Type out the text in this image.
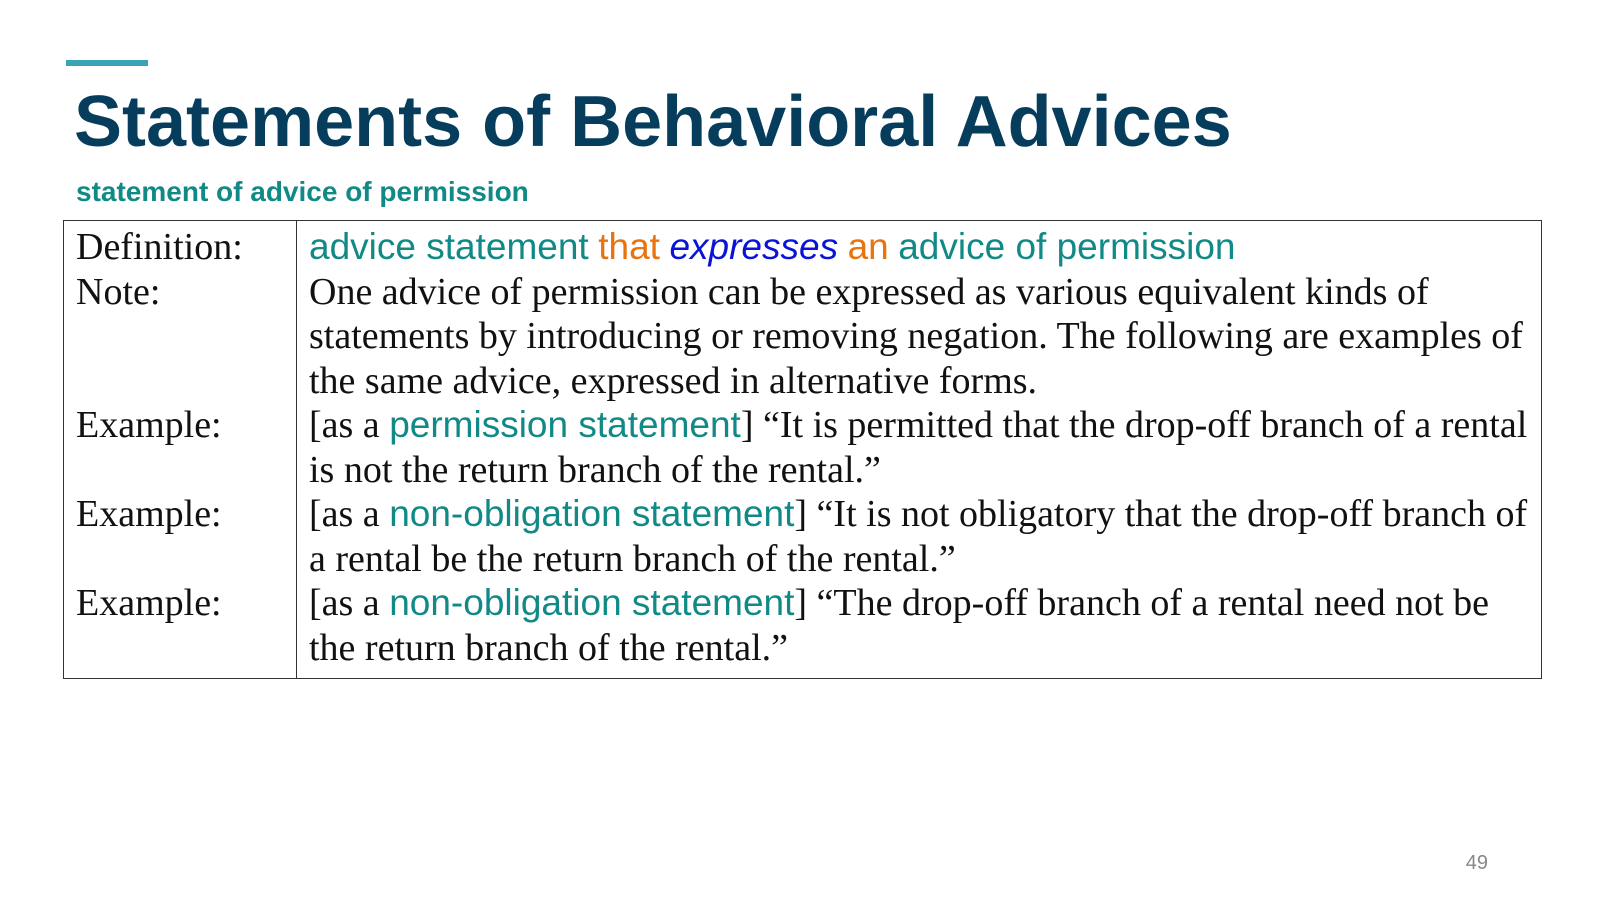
Statements of Behavioral Advices

statement of advice of permission

Definition:
Note:
Example:
Example:
Example:
advice statement that expresses an advice of permission
One advice of permission can be expressed as various equivalent kinds of statements by introducing or removing negation. The following are examples of the same advice, expressed in alternative forms.
[as a permission statement] “It is permitted that the drop-off branch of a rental is not the return branch of the rental.”
[as a non-obligation statement] “It is not obligatory that the drop-off branch of a rental be the return branch of the rental.”
[as a non-obligation statement] “The drop-off branch of a rental need not be the return branch of the rental.”
49
